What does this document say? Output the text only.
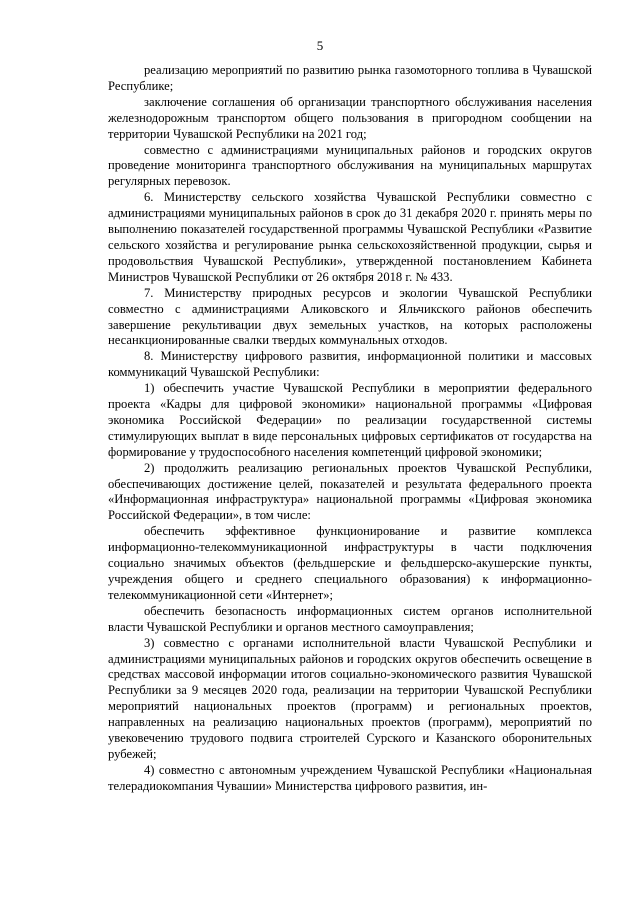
5

реализацию мероприятий по развитию рынка газомоторного топлива в Чувашской Республике;

заключение соглашения об организации транспортного обслуживания населения железнодорожным транспортом общего пользования в пригородном сообщении на территории Чувашской Республики на 2021 год;

совместно с администрациями муниципальных районов и городских округов проведение мониторинга транспортного обслуживания на муниципальных маршрутах регулярных перевозок.

6. Министерству сельского хозяйства Чувашской Республики совместно с администрациями муниципальных районов в срок до 31 декабря 2020 г. принять меры по выполнению показателей государственной программы Чувашской Республики «Развитие сельского хозяйства и регулирование рынка сельскохозяйственной продукции, сырья и продовольствия Чувашской Республики», утвержденной постановлением Кабинета Министров Чувашской Республики от 26 октября 2018 г. № 433.

7. Министерству природных ресурсов и экологии Чувашской Республики совместно с администрациями Аликовского и Яльчикского районов обеспечить завершение рекультивации двух земельных участков, на которых расположены несанкционированные свалки твердых коммунальных отходов.

8. Министерству цифрового развития, информационной политики и массовых коммуникаций Чувашской Республики:

1) обеспечить участие Чувашской Республики в мероприятии федерального проекта «Кадры для цифровой экономики» национальной программы «Цифровая экономика Российской Федерации» по реализации государственной системы стимулирующих выплат в виде персональных цифровых сертификатов от государства на формирование у трудоспособного населения компетенций цифровой экономики;

2) продолжить реализацию региональных проектов Чувашской Республики, обеспечивающих достижение целей, показателей и результата федерального проекта «Информационная инфраструктура» национальной программы «Цифровая экономика Российской Федерации», в том числе:

обеспечить эффективное функционирование и развитие комплекса информационно-телекоммуникационной инфраструктуры в части подключения социально значимых объектов (фельдшерские и фельдшерско-акушерские пункты, учреждения общего и среднего специального образования) к информационно-телекоммуникационной сети «Интернет»;

обеспечить безопасность информационных систем органов исполнительной власти Чувашской Республики и органов местного самоуправления;

3) совместно с органами исполнительной власти Чувашской Республики и администрациями муниципальных районов и городских округов обеспечить освещение в средствах массовой информации итогов социально-экономического развития Чувашской Республики за 9 месяцев 2020 года, реализации на территории Чувашской Республики мероприятий национальных проектов (программ) и региональных проектов, направленных на реализацию национальных проектов (программ), мероприятий по увековечению трудового подвига строителей Сурского и Казанского оборонительных рубежей;

4) совместно с автономным учреждением Чувашской Республики «Национальная телерадиокомпания Чувашии» Министерства цифрового развития, ин-
